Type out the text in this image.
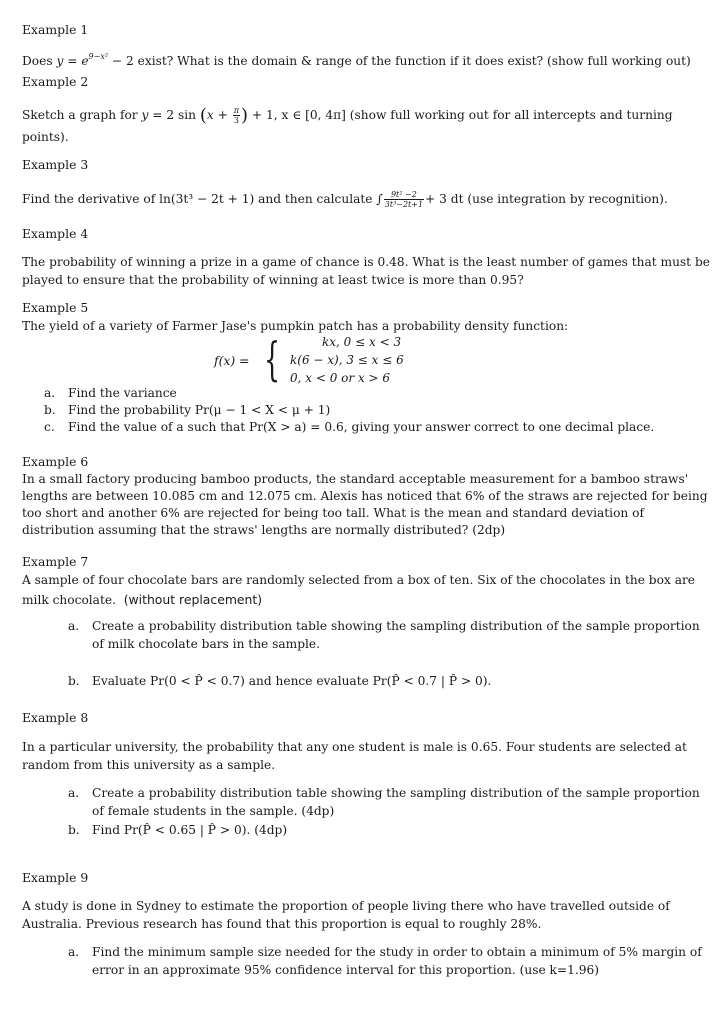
Example 1
Does $y = e^{9-x^2} - 2$ exist? What is the domain & range of the function if it does exist? (show full working out)
Example 2
Sketch a graph for y = 2 $\sin (x + \frac{\pi}{3}$ ) + 1, x ∈ [0, 4π] (show full working out for all intercepts and turning
points).
Example 3
Find the derivative of ln(3t³ − 2t + 1) and then calculate ∫ $\frac{\text{9t² −2}}{\text{3t³−2t+1}} + 3$ dt (use integration by recognition).
Example 4
The probability of winning a prize in a game of chance is 0.48. What is the least number of games that must be
played to ensure that the probability of winning at least twice is more than 0.95?
Example 5
The yield of a variety of Farmer Jase's pumpkin patch has a probability density function:
f(x) = {	kx, 0 ≤ x < 3
k(6 − x), 3 ≤ x ≤ 6
0, x < 0 or x > 6
a. Find the variance
b. Find the probability Pr(μ − 1 < X < μ + 1)
c. Find the value of a such that Pr(X > a) = 0.6, giving your answer correct to one decimal place.
Example 6
In a small factory producing bamboo products, the standard acceptable measurement for a bamboo straws'
lengths are between 10.085 cm and 12.075 cm. Alexis has noticed that 6% of the straws are rejected for being
too short and another 6% are rejected for being too tall. What is the mean and standard deviation of
distribution assuming that the straws' lengths are normally distributed? (2dp)
Example 7
A sample of four chocolate bars are randomly selected from a box of ten. Six of the chocolates in the box are
milk chocolate. (without replacement)
a. Create a probability distribution table showing the sampling distribution of the sample proportion
of milk chocolate bars in the sample.
b. Evaluate Pr(0 < P̂ < 0.7) and hence evaluate Pr(P̂ < 0.7 | P̂ > 0).
Example 8
In a particular university, the probability that any one student is male is 0.65. Four students are selected at
random from this university as a sample.
a. Create a probability distribution table showing the sampling distribution of the sample proportion
of female students in the sample. (4dp)
b. Find Pr(P̂ < 0.65 | P̂ > 0). (4dp)
Example 9
A study is done in Sydney to estimate the proportion of people living there who have travelled outside of
Australia. Previous research has found that this proportion is equal to roughly 28%.
a. Find the minimum sample size needed for the study in order to obtain a minimum of 5% margin of
error in an approximate 95% confidence interval for this proportion. (use k=1.96)
